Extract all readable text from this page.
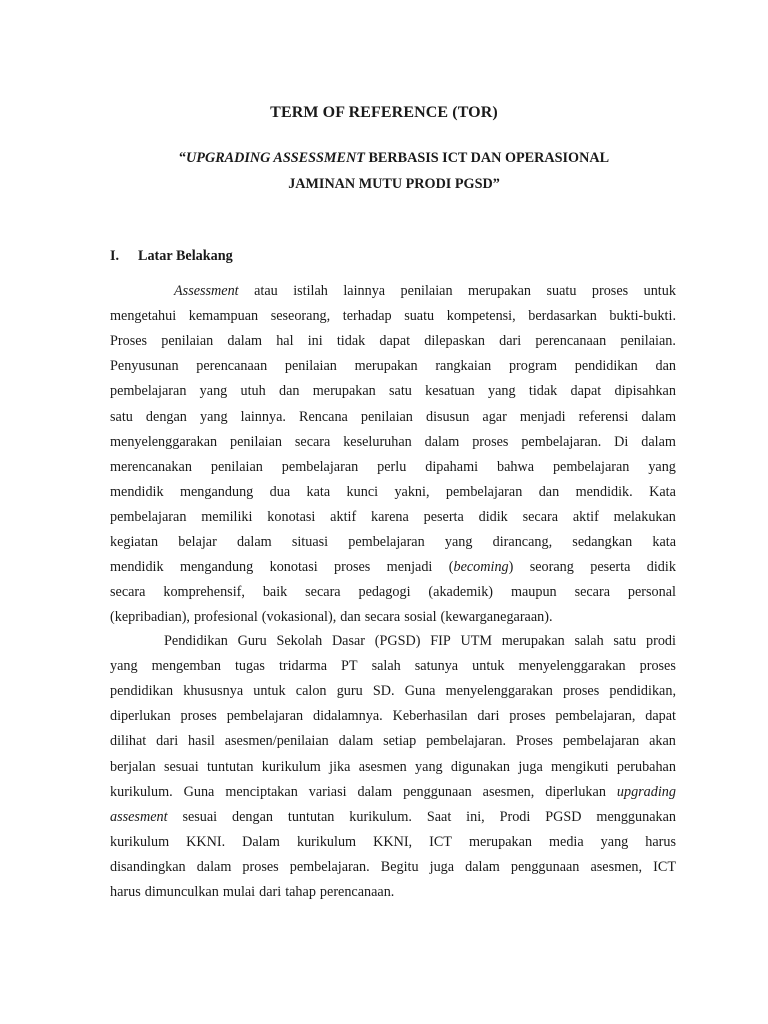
TERM OF REFERENCE (TOR)
“UPGRADING ASSESSMENT BERBASIS ICT DAN OPERASIONAL
JAMINAN MUTU PRODI PGSD”
I. Latar Belakang
Assessment atau istilah lainnya penilaian merupakan suatu proses untuk
mengetahui kemampuan seseorang, terhadap suatu kompetensi, berdasarkan bukti-bukti.
Proses penilaian dalam hal ini tidak dapat dilepaskan dari perencanaan penilaian.
Penyusunan perencanaan penilaian merupakan rangkaian program pendidikan dan
pembelajaran yang utuh dan merupakan satu kesatuan yang tidak dapat dipisahkan
satu dengan yang lainnya. Rencana penilaian disusun agar menjadi referensi dalam
menyelenggarakan penilaian secara keseluruhan dalam proses pembelajaran. Di dalam
merencanakan penilaian pembelajaran perlu dipahami bahwa pembelajaran yang
mendidik mengandung dua kata kunci yakni, pembelajaran dan mendidik. Kata
pembelajaran memiliki konotasi aktif karena peserta didik secara aktif melakukan
kegiatan belajar dalam situasi pembelajaran yang dirancang, sedangkan kata
mendidik mengandung konotasi proses menjadi (becoming) seorang peserta didik
secara komprehensif, baik secara pedagogi (akademik) maupun secara personal
(kepribadian), profesional (vokasional), dan secara sosial (kewarganegaraan).
Pendidikan Guru Sekolah Dasar (PGSD) FIP UTM merupakan salah satu prodi
yang mengemban tugas tridarma PT salah satunya untuk menyelenggarakan proses
pendidikan khususnya untuk calon guru SD. Guna menyelenggarakan proses pendidikan,
diperlukan proses pembelajaran didalamnya. Keberhasilan dari proses pembelajaran, dapat
dilihat dari hasil asesmen/penilaian dalam setiap pembelajaran. Proses pembelajaran akan
berjalan sesuai tuntutan kurikulum jika asesmen yang digunakan juga mengikuti perubahan
kurikulum. Guna menciptakan variasi dalam penggunaan asesmen, diperlukan upgrading
assesment sesuai dengan tuntutan kurikulum. Saat ini, Prodi PGSD menggunakan
kurikulum KKNI. Dalam kurikulum KKNI, ICT merupakan media yang harus
disandingkan dalam proses pembelajaran. Begitu juga dalam penggunaan asesmen, ICT
harus dimunculkan mulai dari tahap perencanaan.
